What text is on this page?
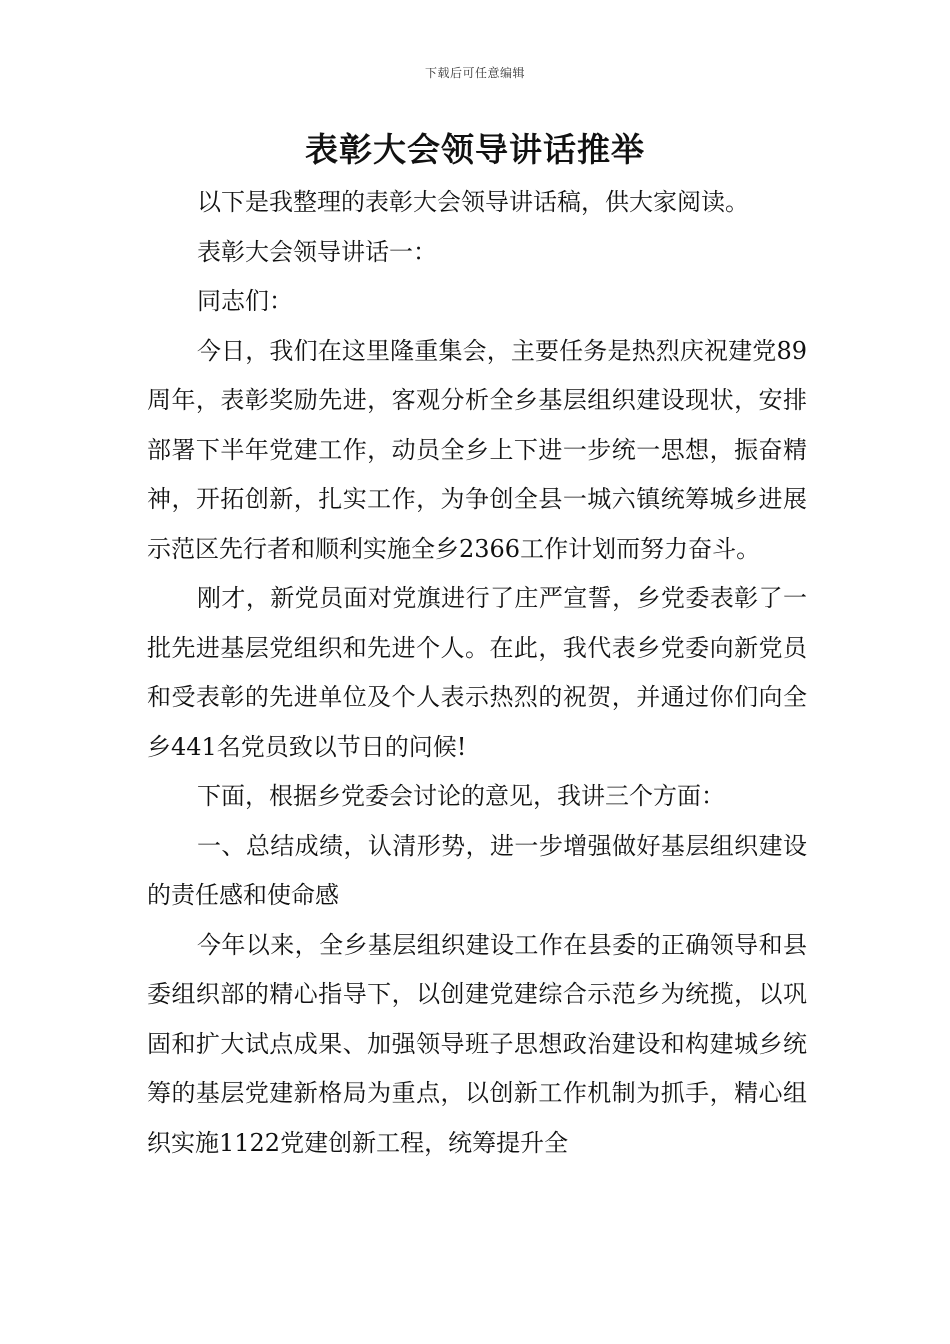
下载后可任意编辑
表彰大会领导讲话推举

以下是我整理的表彰大会领导讲话稿，供大家阅读。

表彰大会领导讲话一：

同志们：

今日，我们在这里隆重集会，主要任务是热烈庆祝建党89周年，表彰奖励先进，客观分析全乡基层组织建设现状，安排部署下半年党建工作，动员全乡上下进一步统一思想，振奋精神，开拓创新，扎实工作，为争创全县一城六镇统筹城乡进展示范区先行者和顺利实施全乡2366工作计划而努力奋斗。

刚才，新党员面对党旗进行了庄严宣誓，乡党委表彰了一批先进基层党组织和先进个人。在此，我代表乡党委向新党员和受表彰的先进单位及个人表示热烈的祝贺，并通过你们向全乡441名党员致以节日的问候!

下面，根据乡党委会讨论的意见，我讲三个方面：

一、总结成绩，认清形势，进一步增强做好基层组织建设的责任感和使命感

今年以来，全乡基层组织建设工作在县委的正确领导和县委组织部的精心指导下，以创建党建综合示范乡为统揽，以巩固和扩大试点成果、加强领导班子思想政治建设和构建城乡统筹的基层党建新格局为重点，以创新工作机制为抓手，精心组织实施1122党建创新工程，统筹提升全
